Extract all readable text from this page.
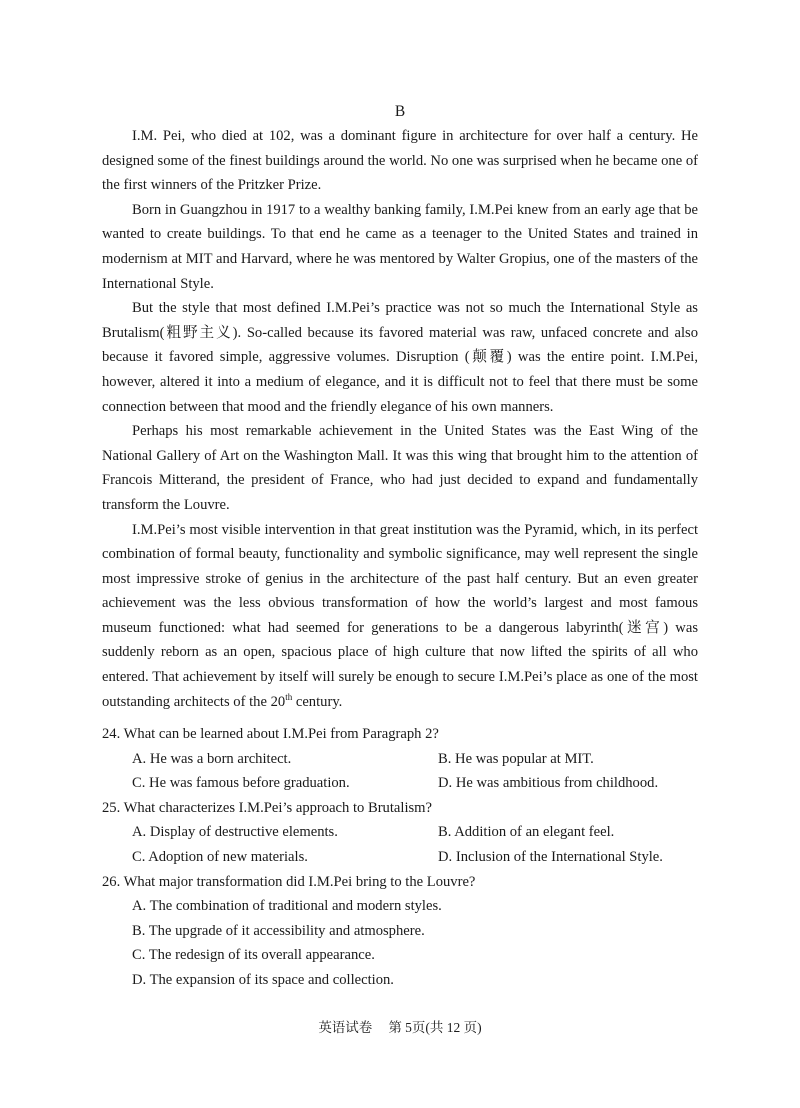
B

I.M. Pei, who died at 102, was a dominant figure in architecture for over half a century. He designed some of the finest buildings around the world. No one was surprised when he became one of the first winners of the Pritzker Prize.

Born in Guangzhou in 1917 to a wealthy banking family, I.M.Pei knew from an early age that be wanted to create buildings. To that end he came as a teenager to the United States and trained in modernism at MIT and Harvard, where he was mentored by Walter Gropius, one of the masters of the International Style.

But the style that most defined I.M.Pei’s practice was not so much the International Style as Brutalism(粗野主义). So-called because its favored material was raw, unfaced concrete and also because it favored simple, aggressive volumes. Disruption (颠覆) was the entire point. I.M.Pei, however, altered it into a medium of elegance, and it is difficult not to feel that there must be some connection between that mood and the friendly elegance of his own manners.

Perhaps his most remarkable achievement in the United States was the East Wing of the National Gallery of Art on the Washington Mall. It was this wing that brought him to the attention of Francois Mitterand, the president of France, who had just decided to expand and fundamentally transform the Louvre.

I.M.Pei’s most visible intervention in that great institution was the Pyramid, which, in its perfect combination of formal beauty, functionality and symbolic significance, may well represent the single most impressive stroke of genius in the architecture of the past half century. But an even greater achievement was the less obvious transformation of how the world’s largest and most famous museum functioned: what had seemed for generations to be a dangerous labyrinth(迷宫) was suddenly reborn as an open, spacious place of high culture that now lifted the spirits of all who entered. That achievement by itself will surely be enough to secure I.M.Pei’s place as one of the most outstanding architects of the 20th century.

24. What can be learned about I.M.Pei from Paragraph 2?

A. He was a born architect.	B. He was popular at MIT.
C. He was famous before graduation.	D. He was ambitious from childhood.

25. What characterizes I.M.Pei’s approach to Brutalism?

A. Display of destructive elements.	B. Addition of an elegant feel.
C. Adoption of new materials.	D. Inclusion of the International Style.

26. What major transformation did I.M.Pei bring to the Louvre?

A. The combination of traditional and modern styles.
B. The upgrade of it accessibility and atmosphere.
C. The redesign of its overall appearance.
D. The expansion of its space and collection.
英语试卷 第 5页(共 12 页)
